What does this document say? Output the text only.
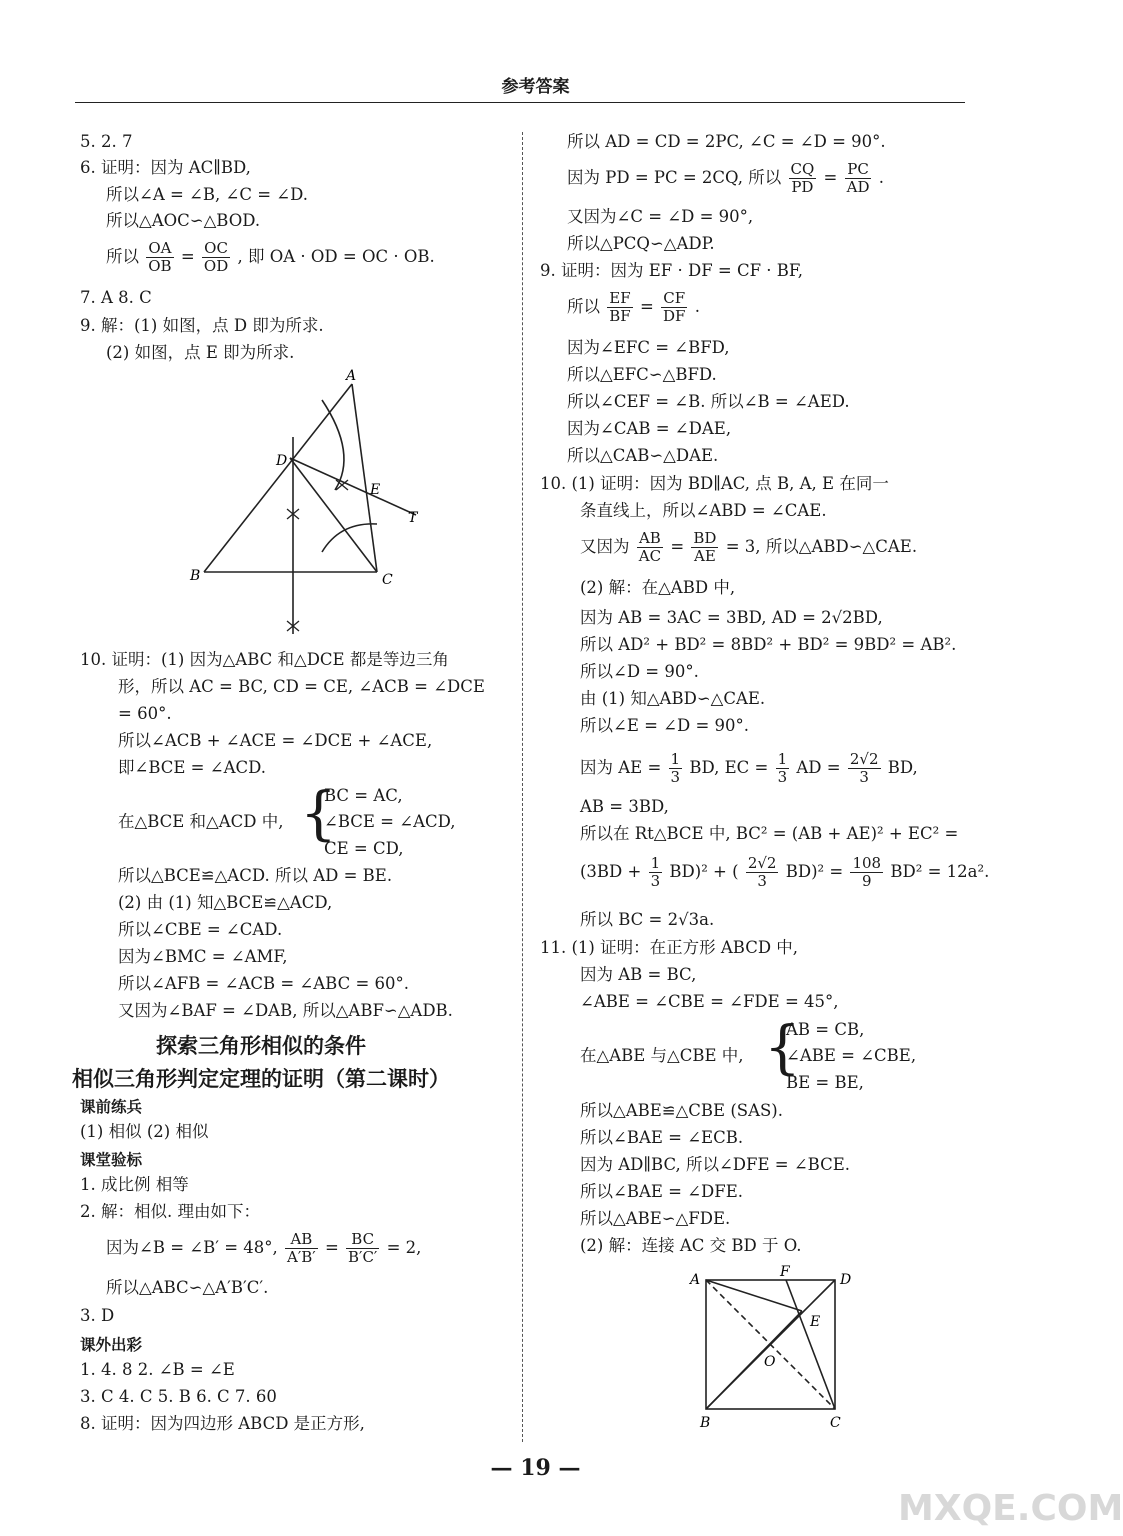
参考答案
5. 2. 7
6. 证明：因为 AC∥BD,
所以∠A = ∠B, ∠C = ∠D.
所以△AOC∽△BOD.
所以 $\frac{OA}{OB} = \frac{OC}{OD}$ , 即 OA · OD = OC · OB.
7. A 8. C
9. 解：(1) 如图，点 D 即为所求.
(2) 如图，点 E 即为所求.
A
B	C
D
E
T
10. 证明：(1) 因为△ABC 和△DCE 都是等边三角
形，所以 AC = BC, CD = CE, ∠ACB = ∠DCE
= 60°.
所以∠ACB + ∠ACE = ∠DCE + ∠ACE,
即∠BCE = ∠ACD.
在△BCE 和△ACD 中, {
BC = AC,
∠BCE = ∠ACD,
CE = CD,
所以△BCE≌△ACD. 所以 AD = BE.
(2) 由 (1) 知△BCE≌△ACD,
所以∠CBE = ∠CAD.
因为∠BMC = ∠AMF,
所以∠AFB = ∠ACB = ∠ABC = 60°.
又因为∠BAF = ∠DAB, 所以△ABF∽△ADB.
探索三角形相似的条件
相似三角形判定定理的证明（第二课时）
课前练兵
(1) 相似 (2) 相似
课堂验标
1. 成比例 相等
2. 解：相似. 理由如下：
因为∠B = ∠B′ = 48°, $\frac{AB}{A'B'} = \frac{BC}{B'C'} = 2$,
所以△ABC∽△A′B′C′.
3. D
课外出彩
1. 4. 8 2. ∠B = ∠E
3. C 4. C 5. B 6. C 7. 60
8. 证明：因为四边形 ABCD 是正方形,
所以 AD = CD = 2PC, ∠C = ∠D = 90°.
因为 PD = PC = 2CQ, 所以 $\frac{CQ}{PD} = \frac{PC}{AD}$ .
又因为∠C = ∠D = 90°,
所以△PCQ∽△ADP.
9. 证明：因为 EF · DF = CF · BF,
所以 $\frac{EF}{BF} = \frac{CF}{DF}$ .
因为∠EFC = ∠BFD,
所以△EFC∽△BFD.
所以∠CEF = ∠B. 所以∠B = ∠AED.
因为∠CAB = ∠DAE,
所以△CAB∽△DAE.
10. (1) 证明：因为 BD∥AC, 点 B, A, E 在同一
条直线上，所以∠ABD = ∠CAE.
又因为 $\frac{AB}{AC} = \frac{BD}{AE} = 3$, 所以△ABD∽△CAE.
(2) 解：在△ABD 中,
因为 AB = 3AC = 3BD, AD = 2√2BD,
所以 AD² + BD² = 8BD² + BD² = 9BD² = AB².
所以∠D = 90°.
由 (1) 知△ABD∽△CAE.
所以∠E = ∠D = 90°.
因为 AE = $\frac{1}{3}$ BD, EC = $\frac{1}{3}$ AD = $\frac{2√2}{3}$ BD,
AB = 3BD,
所以在 Rt△BCE 中, BC² = (AB + AE)² + EC² =
$(3BD + \frac{1}{3} BD)^2$ + ( $\frac{2√2}{3} BD)^2 = \frac{108}{9} BD^2 = 12a^2$.
所以 BC = 2√3a.
11. (1) 证明：在正方形 ABCD 中,
因为 AB = BC,
∠ABE = ∠CBE = ∠FDE = 45°,
在△ABE 与△CBE 中, {
AB = CB,
∠ABE = ∠CBE,
BE = BE,
所以△ABE≌△CBE (SAS).
所以∠BAE = ∠ECB.
因为 AD∥BC, 所以∠DFE = ∠BCE.
所以∠BAE = ∠DFE.
所以△ABE∽△FDE.
(2) 解：连接 AC 交 BD 于 O.
A	F	D
E
O
B	C
— 19 —
MXQE.COM
